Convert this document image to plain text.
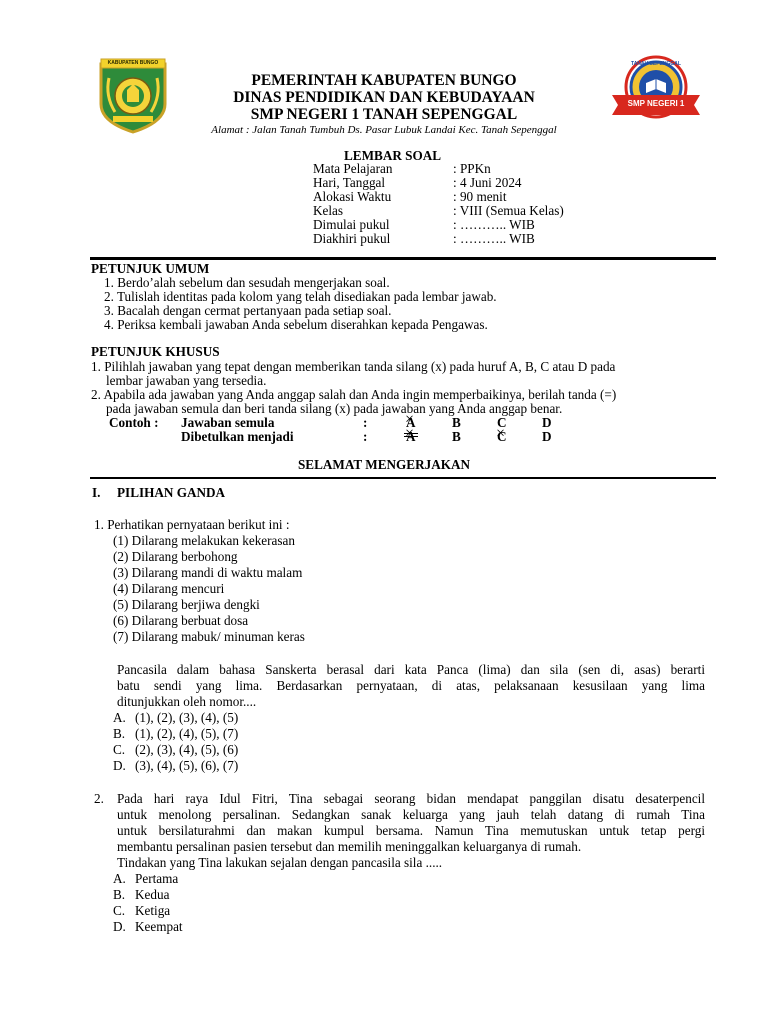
KABUPATEN BUNGO	TANAH SEPENGGAL
SMP NEGERI 1
PEMERINTAH KABUPATEN BUNGO
DINAS PENDIDIKAN DAN KEBUDAYAAN
SMP NEGERI 1 TANAH SEPENGGAL
Alamat : Jalan Tanah Tumbuh Ds. Pasar Lubuk Landai Kec. Tanah Sepenggal
LEMBAR SOAL
Mata Pelajaran	: PPKn
Hari, Tanggal	: 4 Juni 2024
Alokasi Waktu	: 90 menit
Kelas	: VIII (Semua Kelas)
Dimulai pukul	: ……….. WIB
Diakhiri pukul	: ……….. WIB
PETUNJUK UMUM
1. Berdo’alah sebelum dan sesudah mengerjakan soal.
2. Tulislah identitas pada kolom yang telah disediakan pada lembar jawab.
3. Bacalah dengan cermat pertanyaan pada setiap soal.
4. Periksa kembali jawaban Anda sebelum diserahkan kepada Pengawas.
PETUNJUK KHUSUS
1. Pilihlah jawaban yang tepat dengan memberikan tanda silang (x) pada huruf A, B, C atau D pada
lembar jawaban yang tersedia.
2. Apabila ada jawaban yang Anda anggap salah dan Anda ingin memperbaikinya, berilah tanda (=)
pada jawaban semula dan beri tanda silang (x) pada jawaban yang Anda anggap benar.
Contoh : Jawaban semula	:	A ×	B	C	D
Dibetulkan menjadi	:	A ×	B	C ×	D
SELAMAT MENGERJAKAN
I. PILIHAN GANDA
1. Perhatikan pernyataan berikut ini :
(1) Dilarang melakukan kekerasan
(2) Dilarang berbohong
(3) Dilarang mandi di waktu malam
(4) Dilarang mencuri
(5) Dilarang berjiwa dengki
(6) Dilarang berbuat dosa
(7) Dilarang mabuk/ minuman keras
Pancasila dalam bahasa Sanskerta berasal dari kata Panca (lima) dan sila (sen di, asas) berarti
batu sendi yang lima. Berdasarkan pernyataan, di atas, pelaksanaan kesusilaan yang lima
ditunjukkan oleh nomor....
A. (1), (2), (3), (4), (5)
B. (1), (2), (4), (5), (7)
C. (2), (3), (4), (5), (6)
D. (3), (4), (5), (6), (7)
2. Pada hari raya Idul Fitri, Tina sebagai seorang bidan mendapat panggilan disatu desaterpencil
untuk menolong persalinan. Sedangkan sanak keluarga yang jauh telah datang di rumah Tina
untuk bersilaturahmi dan makan kumpul bersama. Namun Tina memutuskan untuk tetap pergi
membantu persalinan pasien tersebut dan memilih meninggalkan keluarganya di rumah.
Tindakan yang Tina lakukan sejalan dengan pancasila sila .....
A. Pertama
B. Kedua
C. Ketiga
D. Keempat
